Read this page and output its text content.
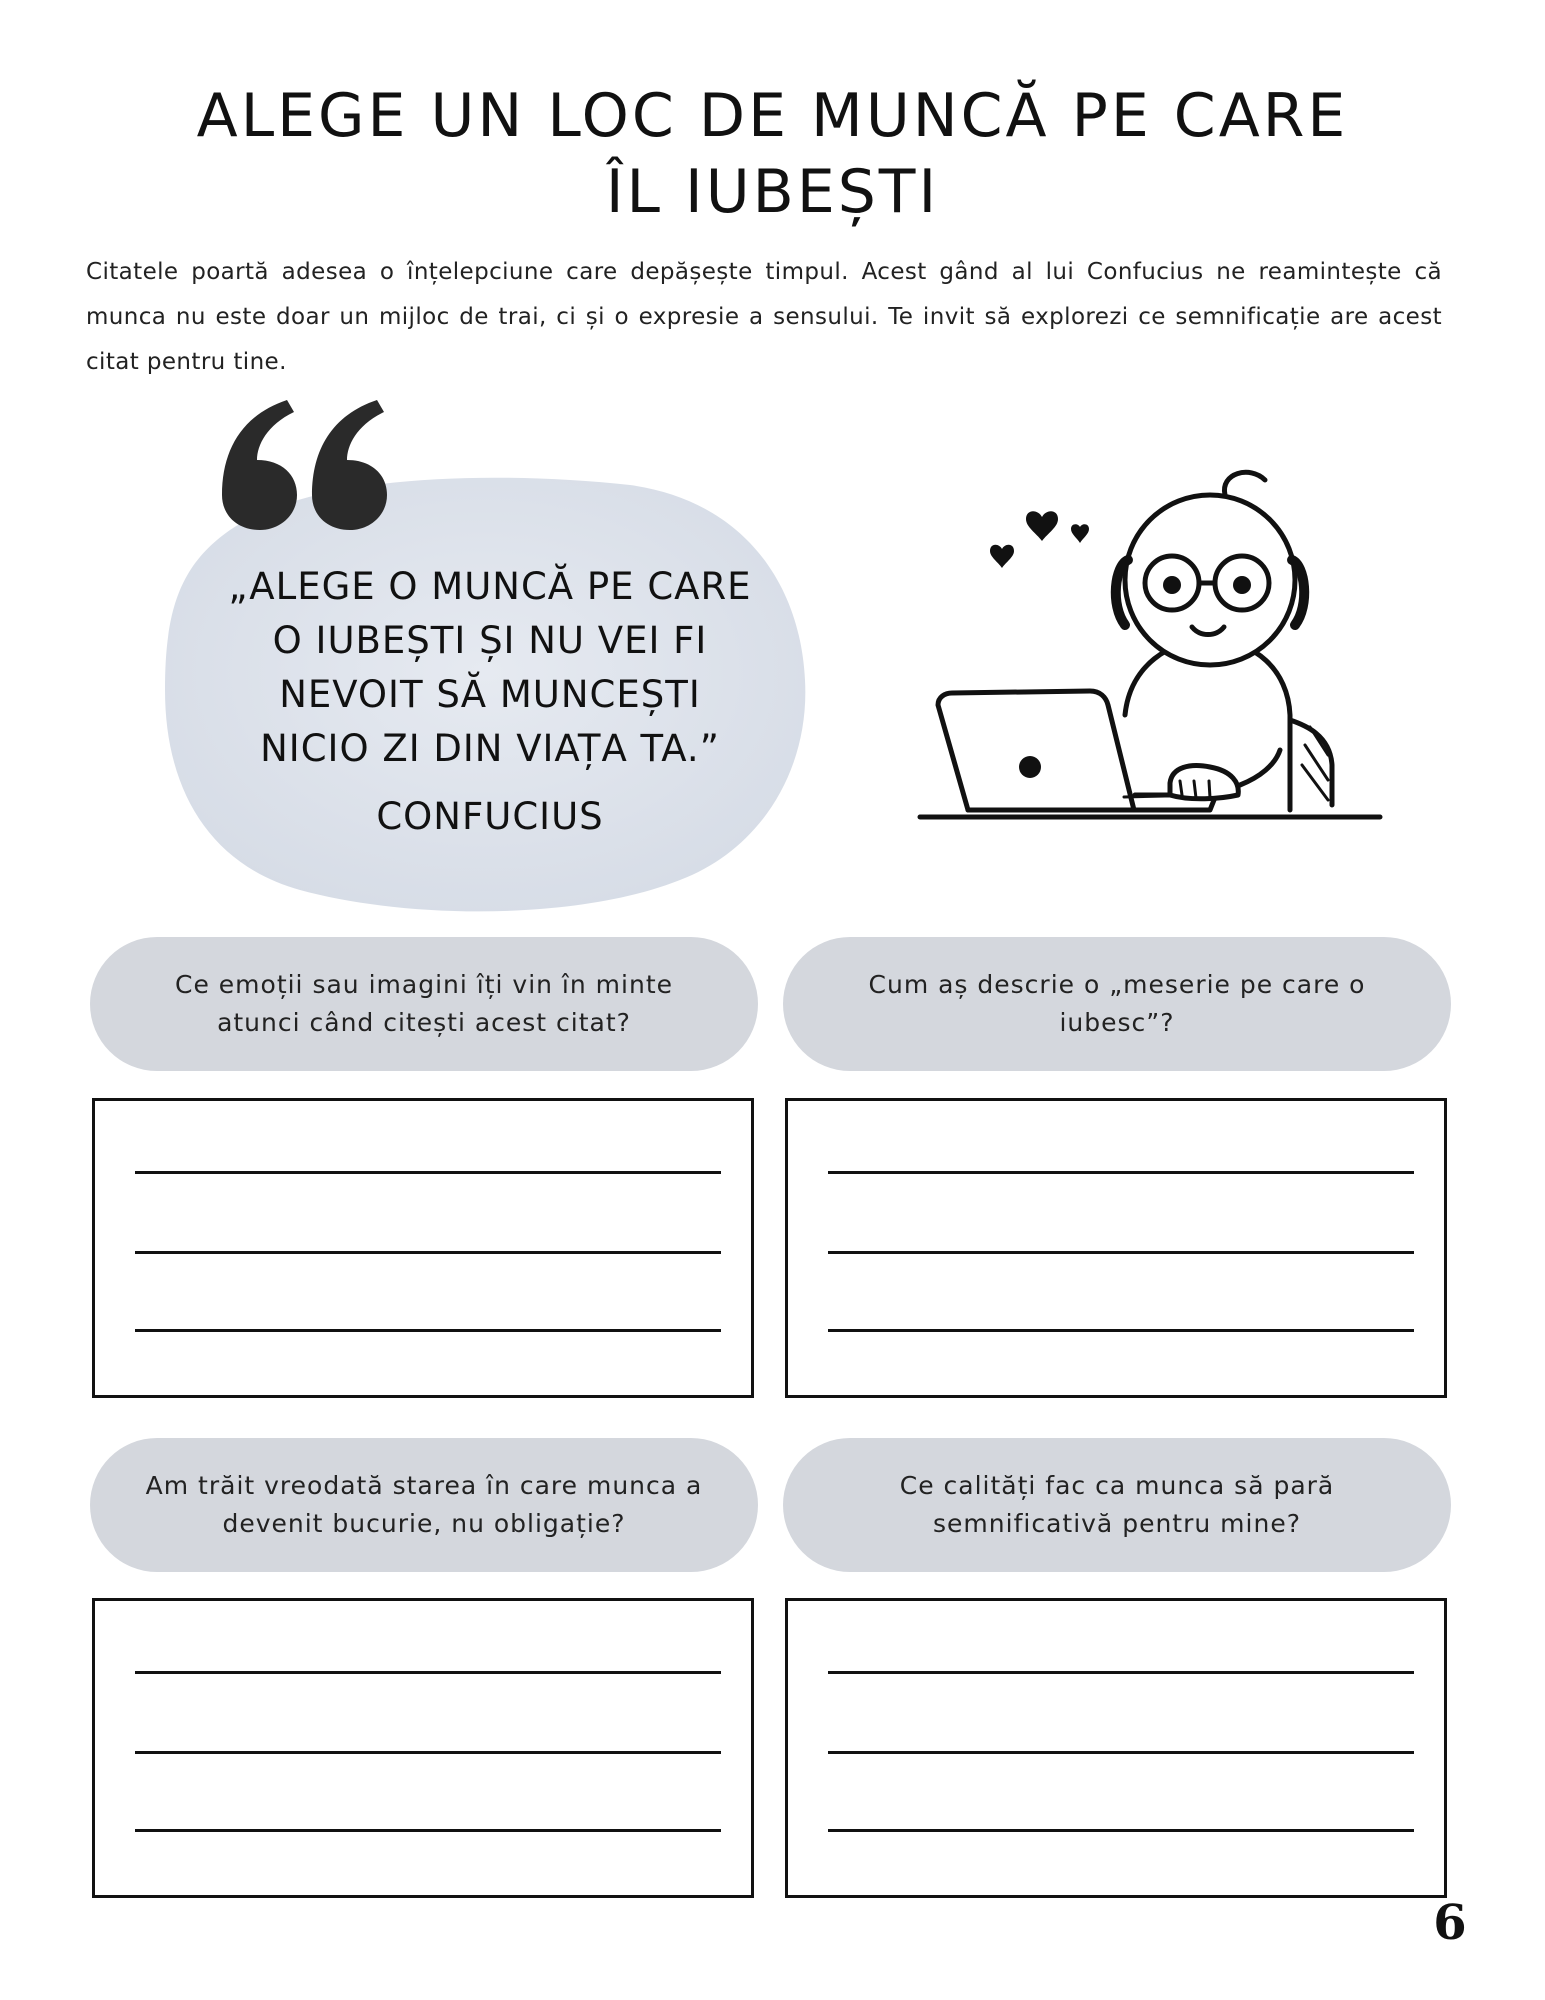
ALEGE UN LOC DE MUNCĂ PE CARE
ÎL IUBEȘTI
Citatele poartă adesea o înțelepciune care depășește timpul. Acest gând al lui Confucius ne reamintește că munca nu este doar un mijloc de trai, ci și o expresie a sensului. Te invit să explorezi ce semnificație are acest citat pentru tine.
„ALEGE O MUNCĂ PE CARE
O IUBEȘTI ȘI NU VEI FI
NEVOIT SĂ MUNCEȘTI
NICIO ZI DIN VIAȚA TA.”
CONFUCIUS
Ce emoții sau imagini îți vin în minte atunci când citești acest citat?
Cum aș descrie o „meserie pe care o iubesc”?
Am trăit vreodată starea în care munca a devenit bucurie, nu obligație?
Ce calități fac ca munca să pară semnificativă pentru mine?
6
